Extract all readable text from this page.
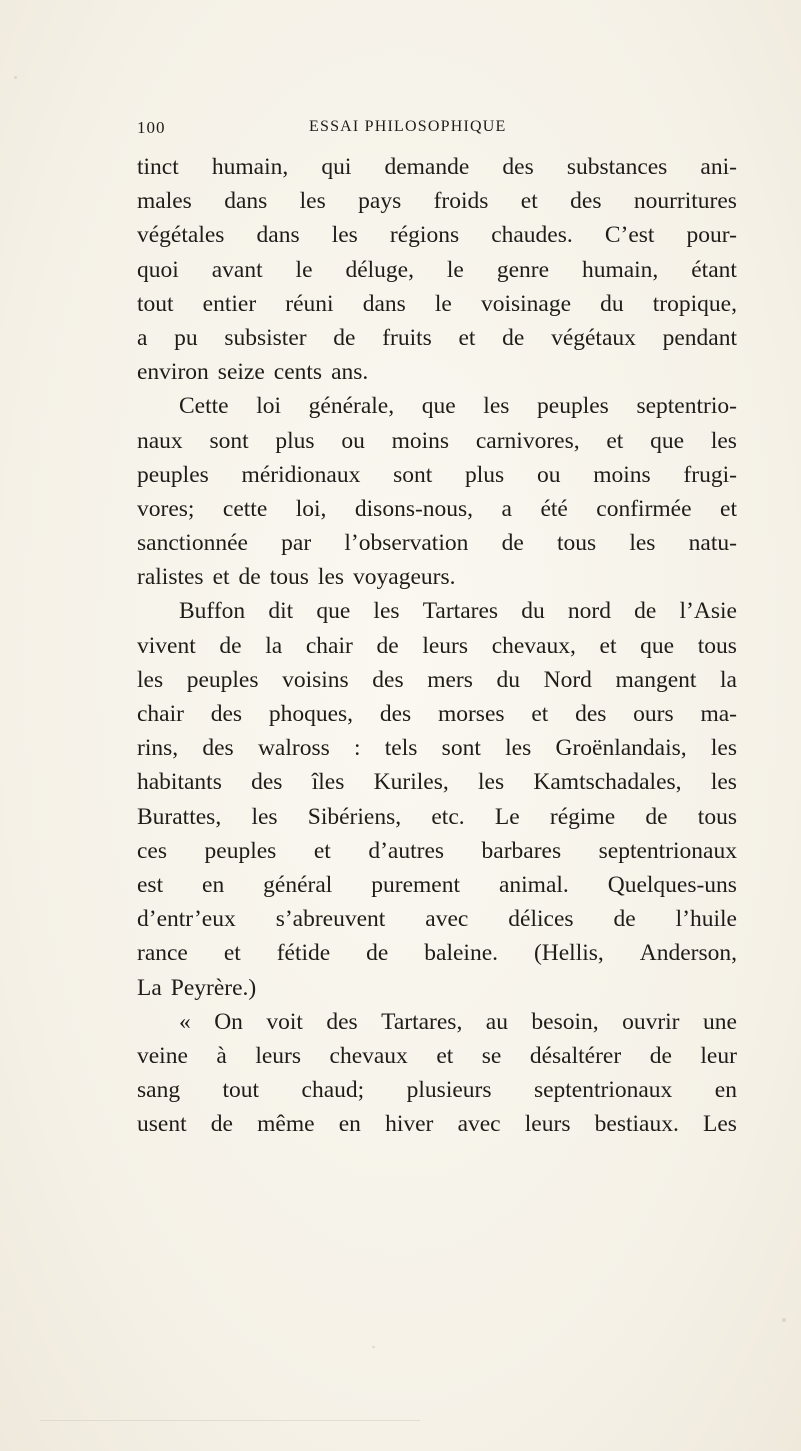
100	ESSAI PHILOSOPHIQUE
tinct humain, qui demande des substances ani-
males dans les pays froids et des nourritures
végétales dans les régions chaudes. C’est pour-
quoi avant le déluge, le genre humain, étant
tout entier réuni dans le voisinage du tropique,
a pu subsister de fruits et de végétaux pendant
environ seize cents ans.
Cette loi générale, que les peuples septentrio-
naux sont plus ou moins carnivores, et que les
peuples méridionaux sont plus ou moins frugi-
vores; cette loi, disons-nous, a été confirmée et
sanctionnée par l’observation de tous les natu-
ralistes et de tous les voyageurs.
Buffon dit que les Tartares du nord de l’Asie
vivent de la chair de leurs chevaux, et que tous
les peuples voisins des mers du Nord mangent la
chair des phoques, des morses et des ours ma-
rins, des walross : tels sont les Groënlandais, les
habitants des îles Kuriles, les Kamtschadales, les
Burattes, les Sibériens, etc. Le régime de tous
ces peuples et d’autres barbares septentrionaux
est en général purement animal. Quelques-uns
d’entr’eux s’abreuvent avec délices de l’huile
rance et fétide de baleine. (Hellis, Anderson,
La Peyrère.)
« On voit des Tartares, au besoin, ouvrir une
veine à leurs chevaux et se désaltérer de leur
sang tout chaud; plusieurs septentrionaux en
usent de même en hiver avec leurs bestiaux. Les
